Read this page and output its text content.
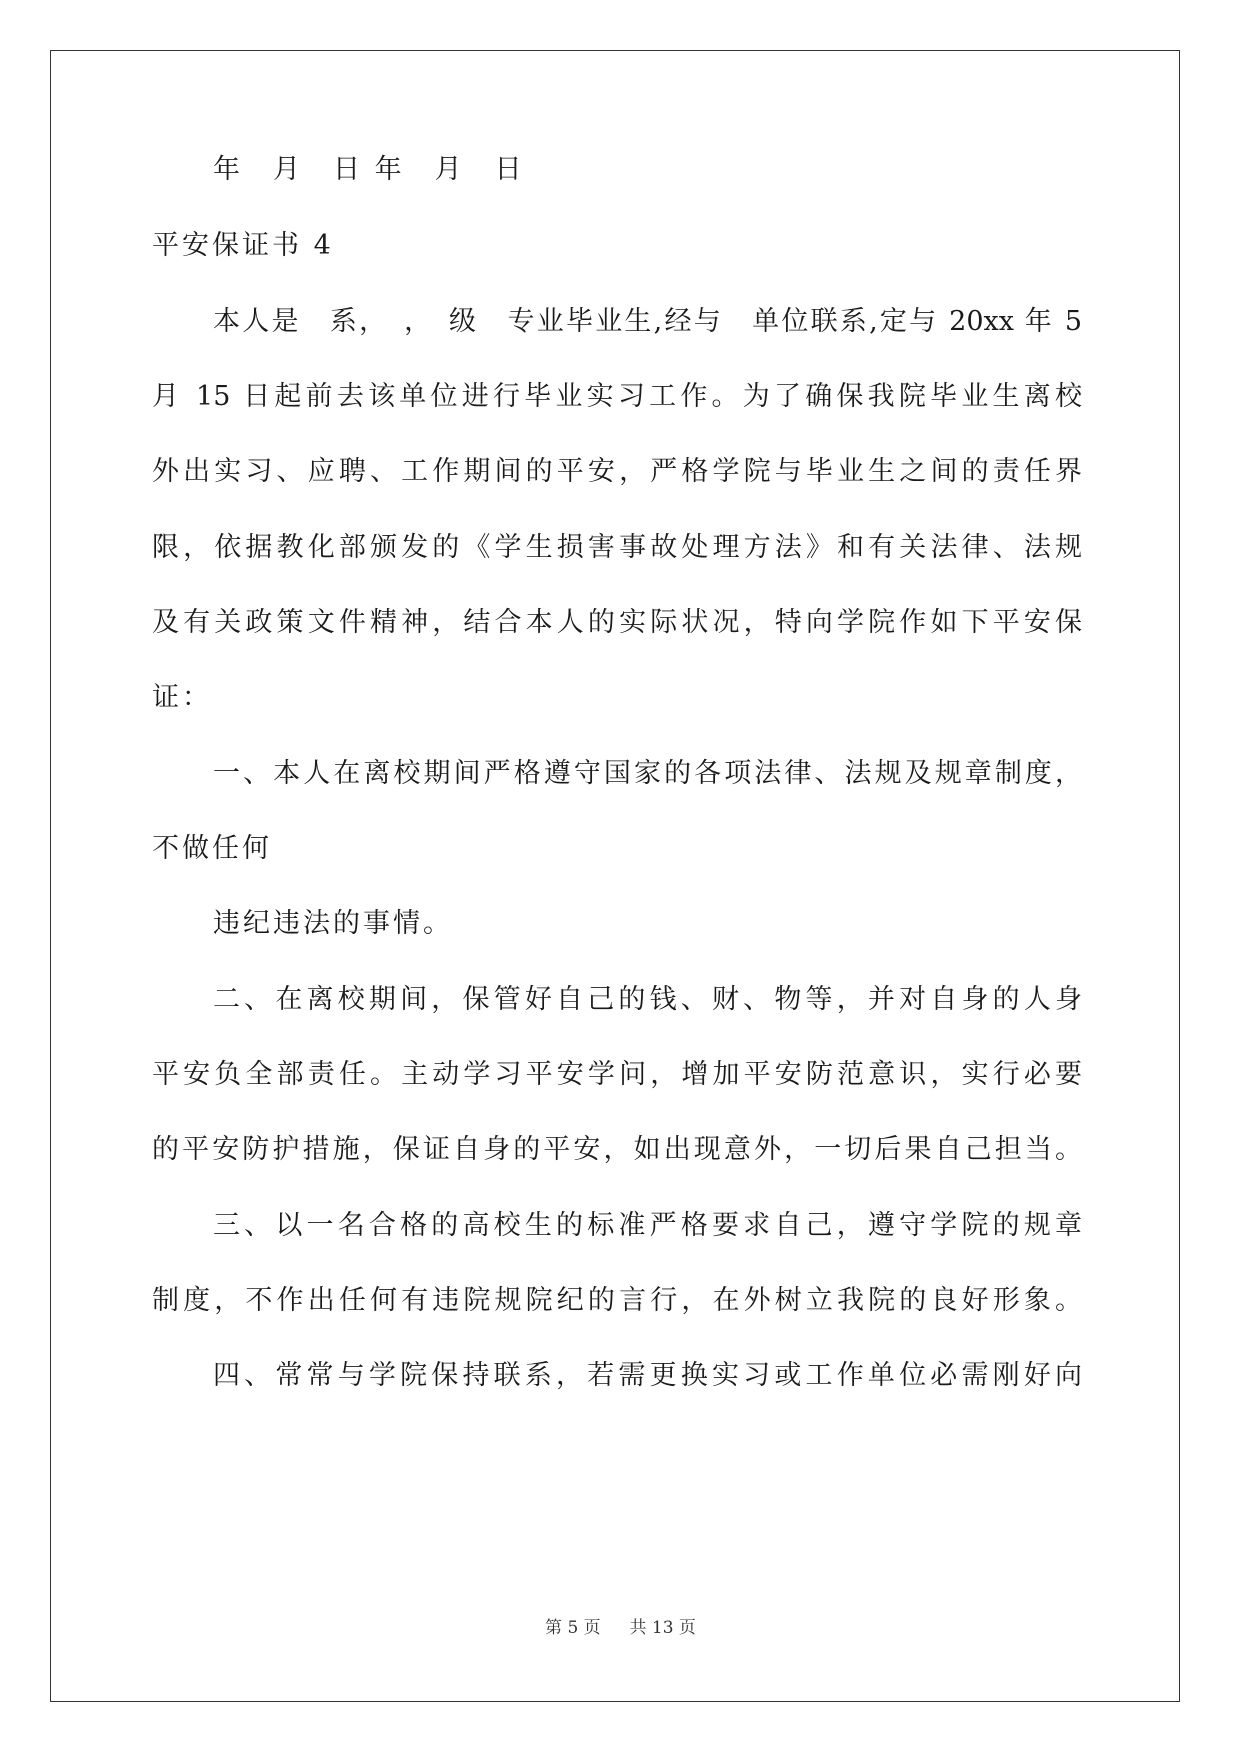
年　月　日 年　月　日
平安保证书 4
本人是　系，　，　级　专业毕业生,经与　单位联系,定与 20xx 年 5
月 15 日起前去该单位进行毕业实习工作。为了确保我院毕业生离校
外出实习、应聘、工作期间的平安，严格学院与毕业生之间的责任界
限，依据教化部颁发的《学生损害事故处理方法》和有关法律、法规
及有关政策文件精神，结合本人的实际状况，特向学院作如下平安保
证：
一、本人在离校期间严格遵守国家的各项法律、法规及规章制度，
不做任何
违纪违法的事情。
二、在离校期间，保管好自己的钱、财、物等，并对自身的人身
平安负全部责任。主动学习平安学问，增加平安防范意识，实行必要
的平安防护措施，保证自身的平安，如出现意外，一切后果自己担当。
三、以一名合格的高校生的标准严格要求自己，遵守学院的规章
制度，不作出任何有违院规院纪的言行，在外树立我院的良好形象。
四、常常与学院保持联系，若需更换实习或工作单位必需刚好向
第 5 页 共 13 页
